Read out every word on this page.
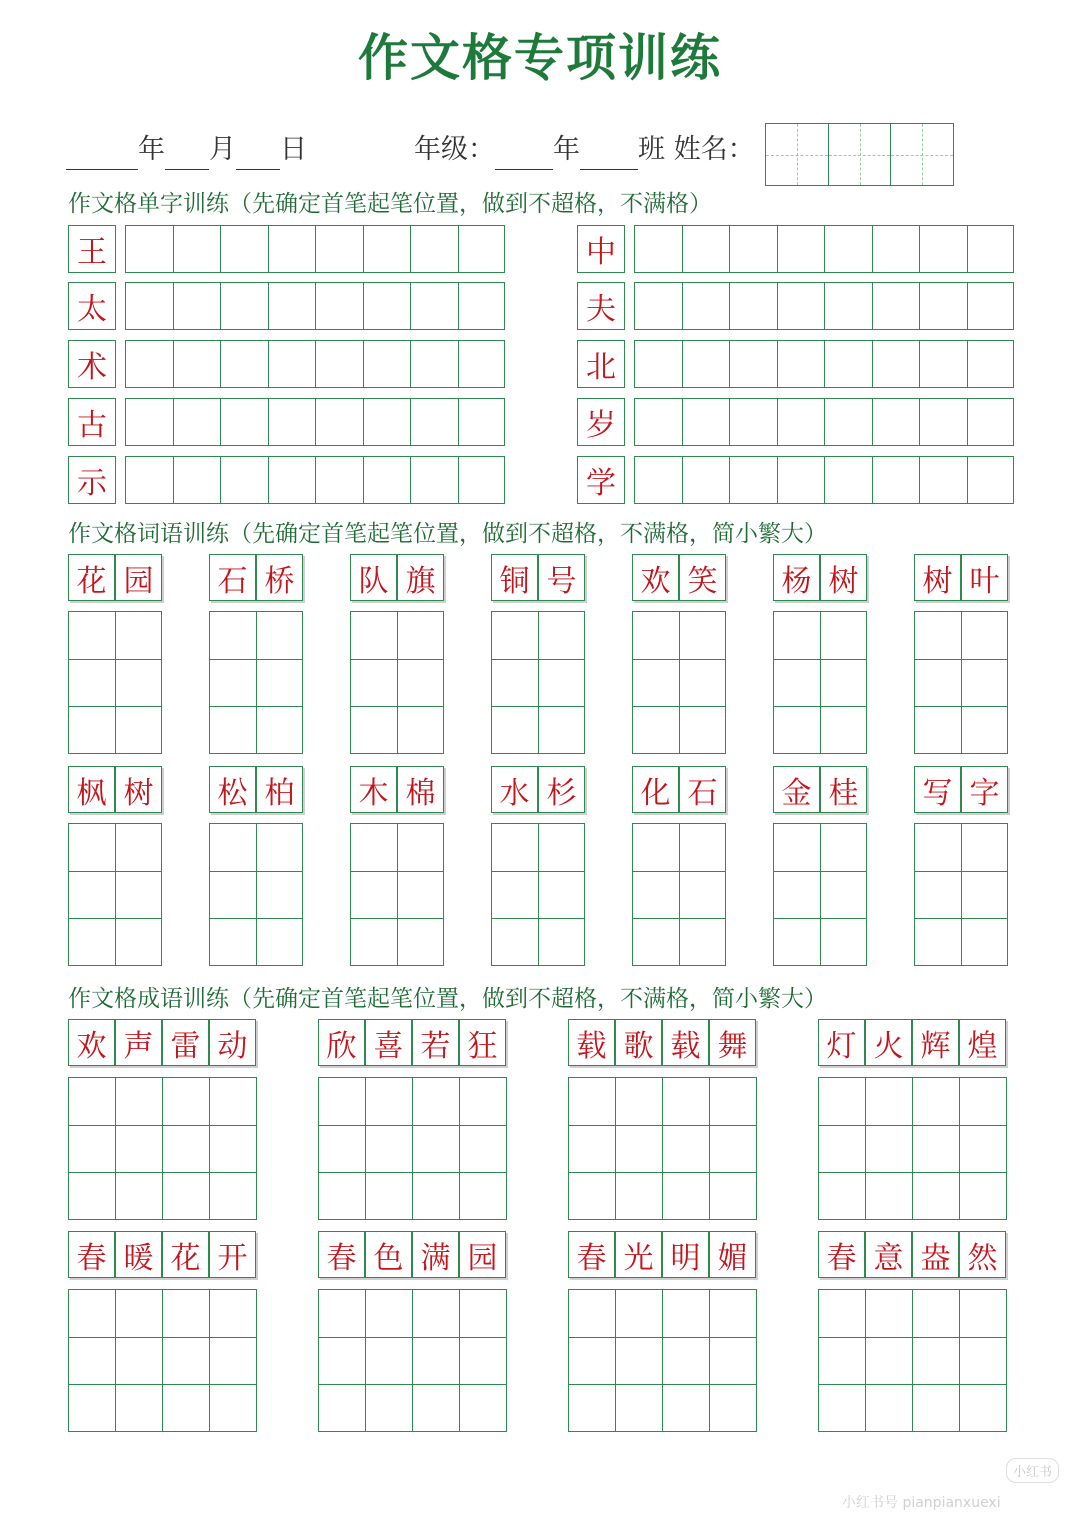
作文格专项训练
年 月 日	年级： 年 班 姓名：
作文格单字训练（先确定首笔起笔位置，做到不超格，不满格）
王
太
术
古
示
中
夫
北
岁
学
作文格词语训练（先确定首笔起笔位置，做到不超格，不满格，简小繁大）
花 园 石 桥 队 旗 铜 号 欢 笑 杨 树 树 叶
枫 树 松 柏 木 棉 水 杉 化 石 金 桂 写 字
作文格成语训练（先确定首笔起笔位置，做到不超格，不满格，简小繁大）
欢 声 雷 动	欣 喜 若 狂	载 歌 载 舞	灯 火 辉 煌
春 暖 花 开	春 色 满 园	春 光 明 媚	春 意 盎 然
小红书
小红书号 pianpianxuexi
